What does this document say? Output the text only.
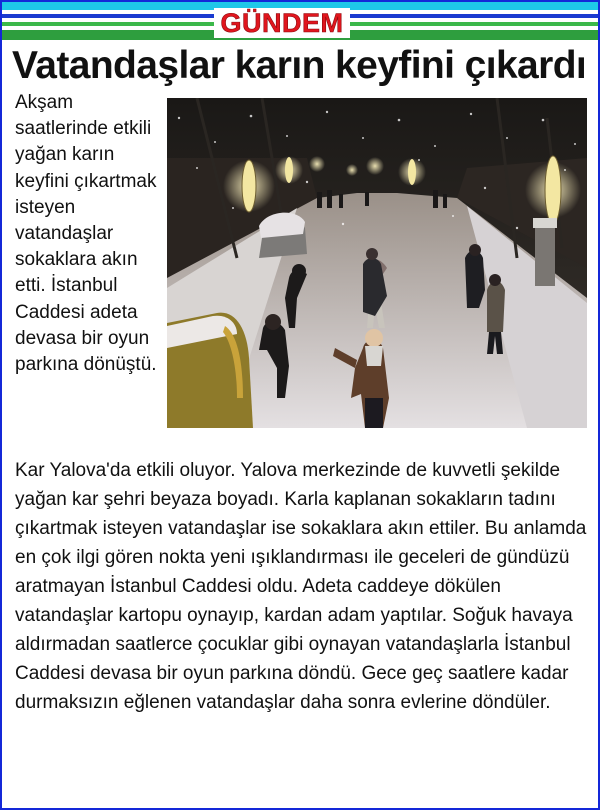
GÜNDEM
Vatandaşlar karın keyfini çıkardı

Akşam saatlerinde etkili yağan karın keyfini çıkartmak isteyen vatandaşlar sokaklara akın etti. İstanbul Caddesi adeta devasa bir oyun parkına dönüştü.

Kar Yalova'da etkili oluyor. Yalova merkezinde de kuvvetli şekilde yağan kar şehri beyaza boyadı. Karla kaplanan sokakların tadını çıkartmak isteyen vatandaşlar ise sokaklara akın ettiler. Bu anlamda en çok ilgi gören nokta yeni ışıklandırması ile geceleri de gündüzü aratmayan İstanbul Caddesi oldu. Adeta caddeye dökülen vatandaşlar kartopu oynayıp, kardan adam yaptılar. Soğuk havaya aldırmadan saatlerce çocuklar gibi oynayan vatandaşlarla İstanbul Caddesi devasa bir oyun parkına döndü. Gece geç saatlere kadar durmaksızın eğlenen vatandaşlar daha sonra evlerine döndüler.
